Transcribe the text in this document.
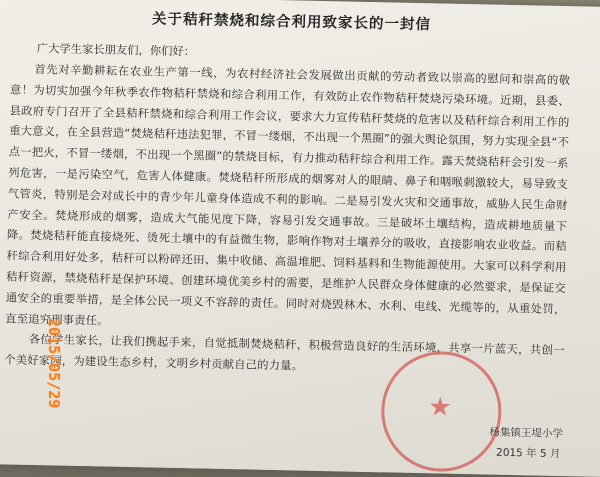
关于秸秆禁烧和综合利用致家长的一封信
广大学生家长朋友们，你们好：

首先对辛勤耕耘在农业生产第一线，为农村经济社会发展做出贡献的劳动者致以崇高的慰问和崇高的敬意！为切实加强今年秋季农作物秸秆禁烧和综合利用工作，有效防止农作物秸秆焚烧污染环境。近期，县委、县政府专门召开了全县秸秆禁烧和综合利用工作会议，要求大力宣传秸秆焚烧的危害以及秸秆综合利用工作的重大意义，在全县营造“焚烧秸秆违法犯罪，不冒一缕烟，不出现一个黑圈”的强大舆论氛围，努力实现全县“不点一把火，不冒一缕烟，不出现一个黑圈”的禁烧目标，有力推动秸秆综合利用工作。露天焚烧秸秆会引发一系列危害，一是污染空气，危害人体健康。焚烧秸秆所形成的烟雾对人的眼睛、鼻子和咽喉刺激较大，易导致支气管炎，特别是会对成长中的青少年儿童身体造成不利的影响。二是易引发火灾和交通事故，威胁人民生命财产安全。焚烧形成的烟雾，造成大气能见度下降，容易引发交通事故。三是破坏土壤结构，造成耕地质量下降。焚烧秸秆能直接烧死、烫死土壤中的有益微生物，影响作物对土壤养分的吸收，直接影响农业收益。而秸秆综合利用好处多，秸秆可以粉碎还田、集中收储、高温堆肥、饲料基料和生物能源使用。大家可以科学利用秸秆资源，禁烧秸秆是保护环境、创建环境优美乡村的需要，是维护人民群众身体健康的必然要求，是保证交通安全的重要举措，是全体公民一项义不容辞的责任。同时对烧毁林木、水利、电线、光缆等的，从重处罚，直至追究刑事责任。

各位学生家长，让我们携起手来，自觉抵制焚烧秸秆，积极营造良好的生活环境，共享一片蓝天，共创一个美好家园，为建设生态乡村，文明乡村贡献自己的力量。

★
杨集镇王堤小学
2015 年 5 月
2015/05/29
